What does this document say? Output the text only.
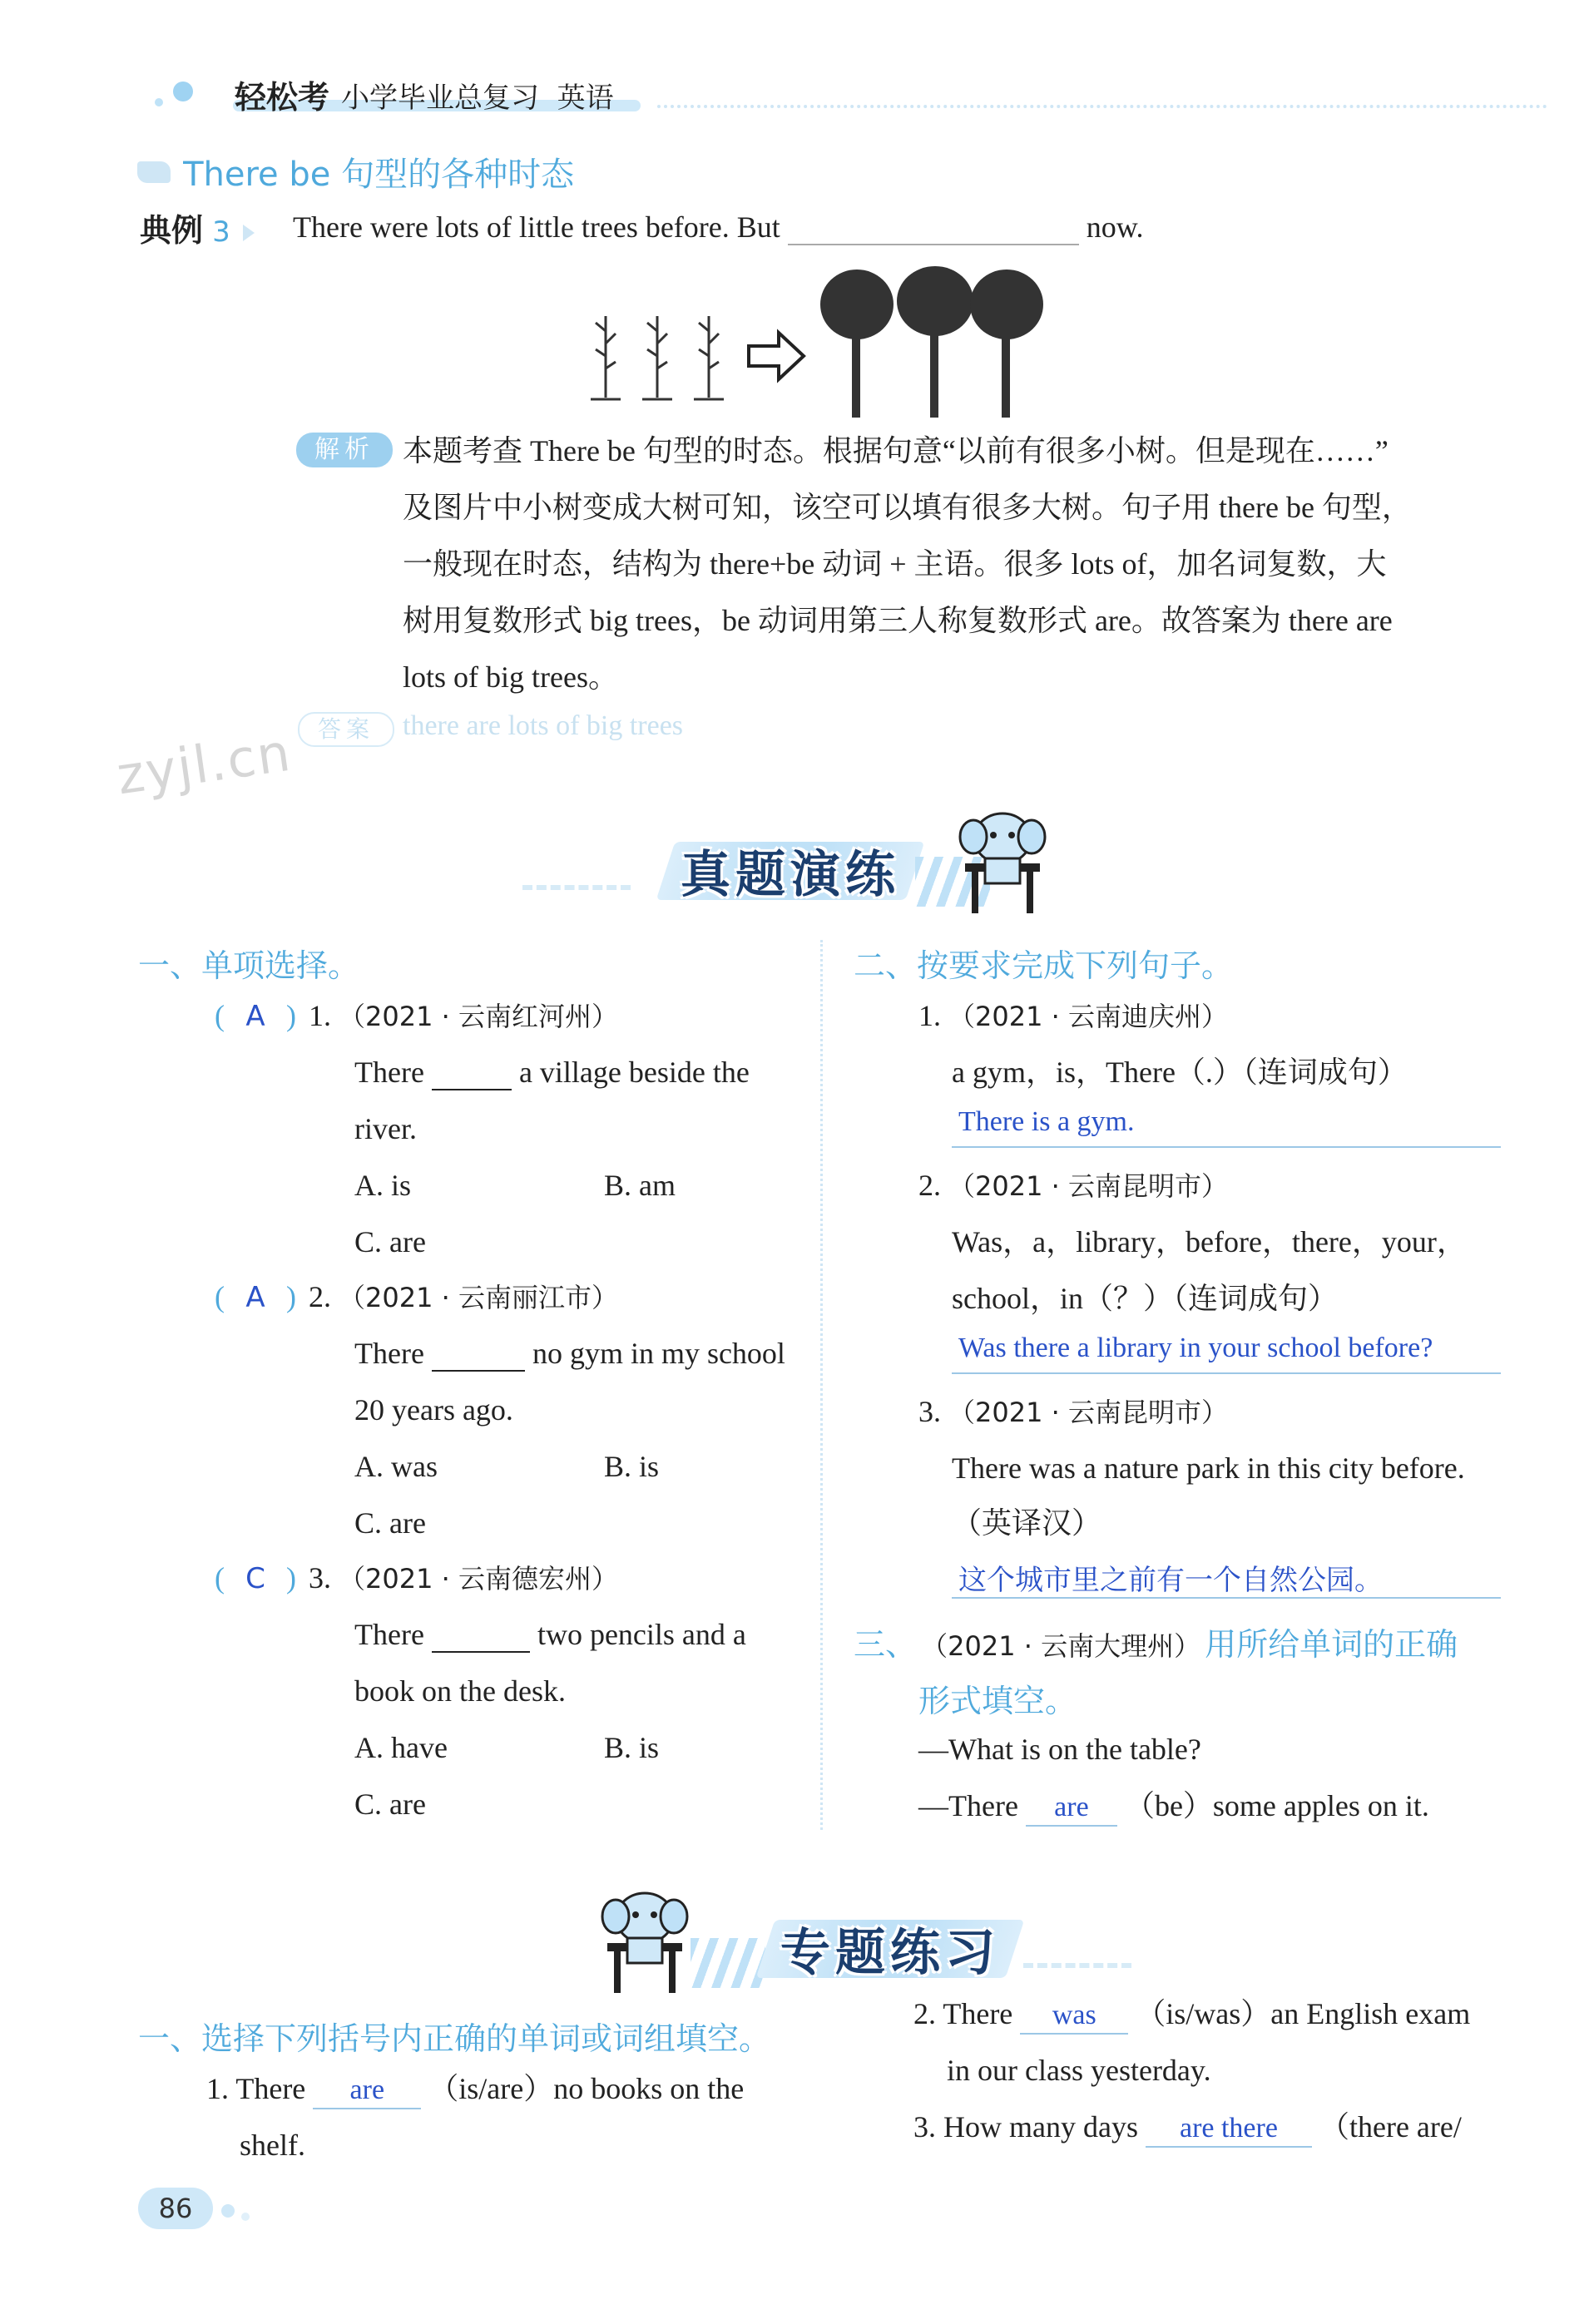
轻松考 小学毕业总复习  英语
There be 句型的各种时态
典例 3	There were lots of little trees before. But	now.
解析 本题考查 There be 句型的时态。根据句意“以前有很多小树。但是现在……”
及图片中小树变成大树可知，该空可以填有很多大树。句子用 there be 句型，
一般现在时态，结构为 there+be 动词 + 主语。很多 lots of，加名词复数，大
树用复数形式 big trees，be 动词用第三人称复数形式 are。故答案为 there are
lots of big trees。
答案	there are lots of big trees
zyjl.cn
真题演练
一、单项选择。
( A ) 1. （2021 · 云南红河州）
There	a village beside the
river.
A. is	B. am
C. are
( A ) 2. （2021 · 云南丽江市）
There	no gym in my school
20 years ago.
A. was	B. is
C. are
( C ) 3. （2021 · 云南德宏州）
There	two pencils and a
book on the desk.
A. have	B. is
C. are
二、按要求完成下列句子。
1. （2021 · 云南迪庆州）
a gym，is，There（.）（连词成句）
There is a gym.
2. （2021 · 云南昆明市）
Was，a，library，before，there，your，
school，in（？）（连词成句）
Was there a library in your school before?
3. （2021 · 云南昆明市）
There was a nature park in this city before.
（英译汉）
这个城市里之前有一个自然公园。
三、 （2021 · 云南大理州） 用所给单词的正确
形式填空。
—What is on the table?
—There are （be）some apples on it.
专题练习
一、选择下列括号内正确的单词或词组填空。
1. There are （is/are）no books on the
shelf.
2. There was （is/was）an English exam
in our class yesterday.
3. How many days are there （there are/
86
